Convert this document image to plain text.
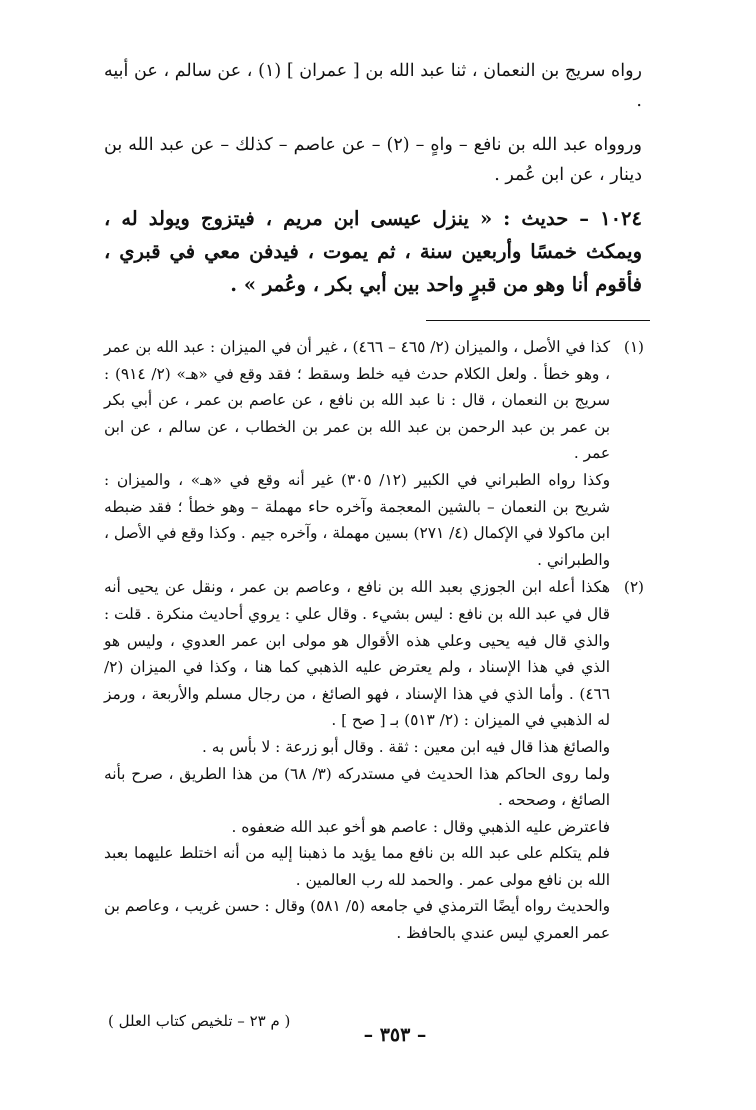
رواه سريج بن النعمان ، ثنا عبد الله بن [ عمران ] (١) ، عن سالم ، عن أبيه .

وروواه عبد الله بن نافع – واهٍ – (٢) – عن عاصم – كذلك – عن عبد الله بن دينار ، عن ابن عُمر .

١٠٢٤ – حديث : « ينزل عيسى ابن مريم ، فيتزوج ويولد له ، ويمكث خمسًا وأربعين سنة ، ثم يموت ، فيدفن معي في قبري ، فأقوم أنا وهو من قبرٍ واحد بين أبي بكر ، وعُمر » .

(١)

كذا في الأصل ، والميزان (٢/ ٤٦٥ – ٤٦٦) ، غير أن في الميزان : عبد الله بن عمر ، وهو خطأ . ولعل الكلام حدث فيه خلط وسقط ؛ فقد وقع في «هـ» (٢/ ٩١٤) : سريج بن النعمان ، قال : نا عبد الله بن نافع ، عن عاصم بن عمر ، عن أبي بكر بن عمر بن عبد الرحمن بن عبد الله بن عمر بن الخطاب ، عن سالم ، عن ابن عمر .

وكذا رواه الطبراني في الكبير (١٢/ ٣٠٥) غير أنه وقع في «هـ» ، والميزان : شريح بن النعمان – بالشين المعجمة وآخره حاء مهملة – وهو خطأ ؛ فقد ضبطه ابن ماكولا في الإكمال (٤/ ٢٧١) بسين مهملة ، وآخره جيم . وكذا وقع في الأصل ، والطبراني .

(٢)

هكذا أعله ابن الجوزي بعبد الله بن نافع ، وعاصم بن عمر ، ونقل عن يحيى أنه قال في عبد الله بن نافع : ليس بشيء . وقال علي : يروي أحاديث منكرة . قلت : والذي قال فيه يحيى وعلي هذه الأقوال هو مولى ابن عمر العدوي ، وليس هو الذي في هذا الإسناد ، ولم يعترض عليه الذهبي كما هنا ، وكذا في الميزان (٢/ ٤٦٦) . وأما الذي في هذا الإسناد ، فهو الصائغ ، من رجال مسلم والأربعة ، ورمز له الذهبي في الميزان : (٢/ ٥١٣) بـ [ صح ] .

والصائغ هذا قال فيه ابن معين : ثقة . وقال أبو زرعة : لا بأس به .

ولما روى الحاكم هذا الحديث في مستدركه (٣/ ٦٨) من هذا الطريق ، صرح بأنه الصائغ ، وصححه .

فاعترض عليه الذهبي وقال : عاصم هو أخو عبد الله ضعفوه .

فلم يتكلم على عبد الله بن نافع مما يؤيد ما ذهبنا إليه من أنه اختلط عليهما بعبد الله بن نافع مولى عمر . والحمد لله رب العالمين .

والحديث رواه أيضًا الترمذي في جامعه (٥/ ٥٨١) وقال : حسن غريب ، وعاصم بن عمر العمري ليس عندي بالحافظ .

( م ٢٣ – تلخيص كتاب العلل )
– ٣٥٣ –
